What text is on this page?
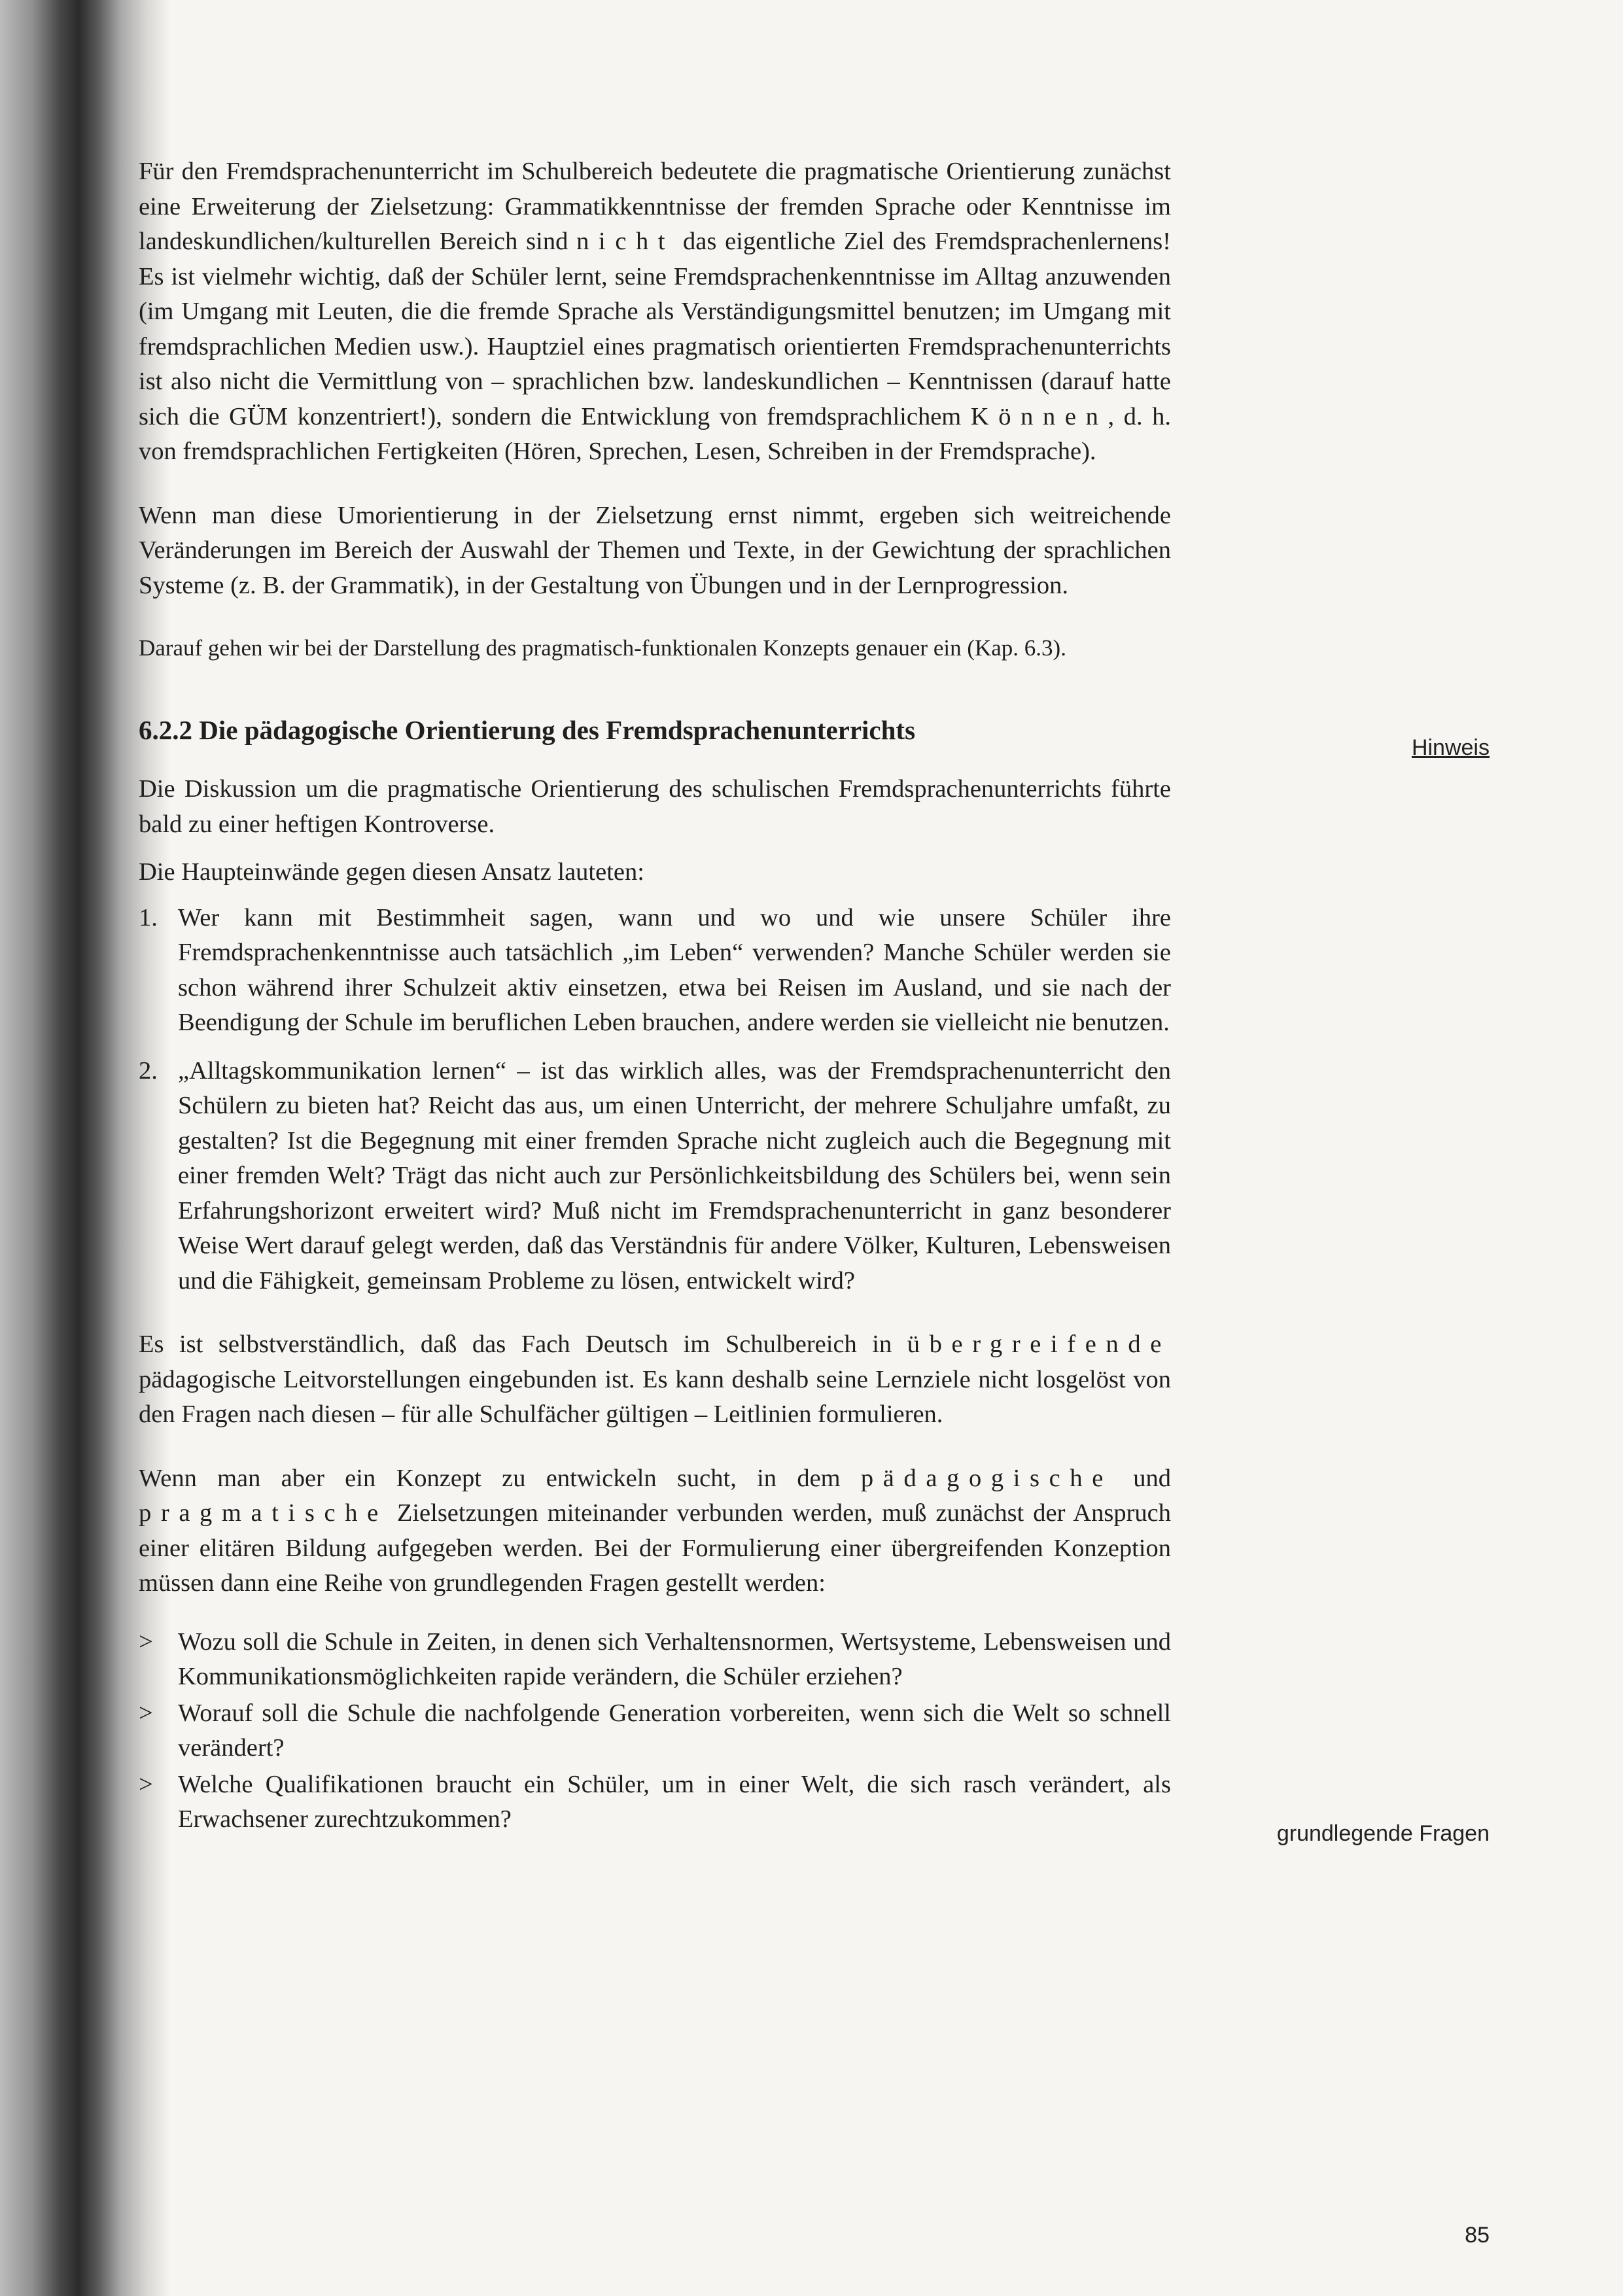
Für den Fremdsprachenunterricht im Schulbereich bedeutete die pragmatische Orientierung zunächst eine Erweiterung der Zielsetzung: Grammatikkenntnisse der fremden Sprache oder Kenntnisse im landeskundlichen/kulturellen Bereich sind nicht das eigentliche Ziel des Fremdsprachenlernens! Es ist vielmehr wichtig, daß der Schüler lernt, seine Fremdsprachenkenntnisse im Alltag anzuwenden (im Umgang mit Leuten, die die fremde Sprache als Verständigungsmittel benutzen; im Umgang mit fremdsprachlichen Medien usw.). Hauptziel eines pragmatisch orientierten Fremdsprachenunterrichts ist also nicht die Vermittlung von – sprachlichen bzw. landeskundlichen – Kenntnissen (darauf hatte sich die GÜM konzentriert!), sondern die Entwicklung von fremdsprachlichem Können, d. h. von fremdsprachlichen Fertigkeiten (Hören, Sprechen, Lesen, Schreiben in der Fremdsprache).

Wenn man diese Umorientierung in der Zielsetzung ernst nimmt, ergeben sich weitreichende Veränderungen im Bereich der Auswahl der Themen und Texte, in der Gewichtung der sprachlichen Systeme (z. B. der Grammatik), in der Gestaltung von Übungen und in der Lernprogression.

Darauf gehen wir bei der Darstellung des pragmatisch-funktionalen Konzepts genauer ein (Kap. 6.3).

6.2.2 Die pädagogische Orientierung des Fremdsprachenunterrichts

Die Diskussion um die pragmatische Orientierung des schulischen Fremdsprachenunterrichts führte bald zu einer heftigen Kontroverse.

Die Haupteinwände gegen diesen Ansatz lauteten:

1. Wer kann mit Bestimmheit sagen, wann und wo und wie unsere Schüler ihre Fremdsprachenkenntnisse auch tatsächlich „im Leben“ verwenden? Manche Schüler werden sie schon während ihrer Schulzeit aktiv einsetzen, etwa bei Reisen im Ausland, und sie nach der Beendigung der Schule im beruflichen Leben brauchen, andere werden sie vielleicht nie benutzen.
2. „Alltagskommunikation lernen“ – ist das wirklich alles, was der Fremdsprachenunterricht den Schülern zu bieten hat? Reicht das aus, um einen Unterricht, der mehrere Schuljahre umfaßt, zu gestalten? Ist die Begegnung mit einer fremden Sprache nicht zugleich auch die Begegnung mit einer fremden Welt? Trägt das nicht auch zur Persönlichkeitsbildung des Schülers bei, wenn sein Erfahrungshorizont erweitert wird? Muß nicht im Fremdsprachenunterricht in ganz besonderer Weise Wert darauf gelegt werden, daß das Verständnis für andere Völker, Kulturen, Lebensweisen und die Fähigkeit, gemeinsam Probleme zu lösen, entwickelt wird?

Es ist selbstverständlich, daß das Fach Deutsch im Schulbereich in übergreifende pädagogische Leitvorstellungen eingebunden ist. Es kann deshalb seine Lernziele nicht losgelöst von den Fragen nach diesen – für alle Schulfächer gültigen – Leitlinien formulieren.

Wenn man aber ein Konzept zu entwickeln sucht, in dem pädagogische und pragmatische Zielsetzungen miteinander verbunden werden, muß zunächst der Anspruch einer elitären Bildung aufgegeben werden. Bei der Formulierung einer übergreifenden Konzeption müssen dann eine Reihe von grundlegenden Fragen gestellt werden:

> Wozu soll die Schule in Zeiten, in denen sich Verhaltensnormen, Wertsysteme, Lebensweisen und Kommunikationsmöglichkeiten rapide verändern, die Schüler erziehen?
> Worauf soll die Schule die nachfolgende Generation vorbereiten, wenn sich die Welt so schnell verändert?
> Welche Qualifikationen braucht ein Schüler, um in einer Welt, die sich rasch verändert, als Erwachsener zurechtzukommen?
Hinweis
grundlegende Fragen
85
